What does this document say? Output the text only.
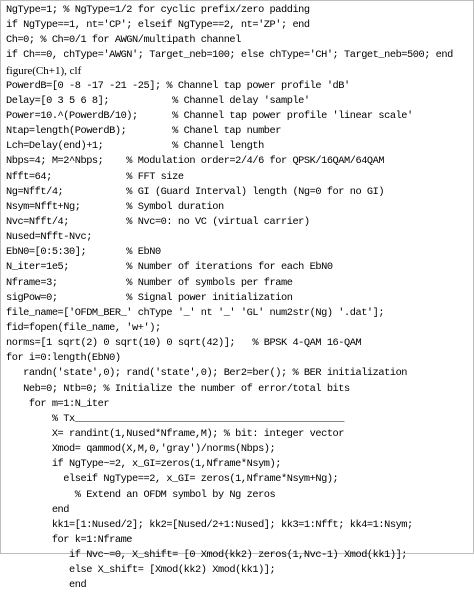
NgType=1; % NgType=1/2 for cyclic prefix/zero padding
if NgType==1, nt='CP'; elseif NgType==2, nt='ZP'; end
Ch=0; % Ch=0/1 for AWGN/multipath channel
if Ch==0, chType='AWGN'; Target_neb=100; else chType='CH'; Target_neb=500; end
figure(Ch+1), clf
PowerdB=[0 -8 -17 -21 -25]; % Channel tap power profile 'dB'
Delay=[0 3 5 6 8];           % Channel delay 'sample'
Power=10.^(PowerdB/10);      % Channel tap power profile 'linear scale'
Ntap=length(PowerdB);        % Chanel tap number
Lch=Delay(end)+1;            % Channel length
Nbps=4; M=2^Nbps;    % Modulation order=2/4/6 for QPSK/16QAM/64QAM
Nfft=64;             % FFT size
Ng=Nfft/4;           % GI (Guard Interval) length (Ng=0 for no GI)
Nsym=Nfft+Ng;        % Symbol duration
Nvc=Nfft/4;          % Nvc=0: no VC (virtual carrier)
Nused=Nfft-Nvc;
EbN0=[0:5:30];       % EbN0
N_iter=1e5;          % Number of iterations for each EbN0
Nframe=3;            % Number of symbols per frame
sigPow=0;            % Signal power initialization
file_name=['OFDM_BER_' chType '_' nt '_' 'GL' num2str(Ng) '.dat'];
fid=fopen(file_name, 'w+');
norms=[1 sqrt(2) 0 sqrt(10) 0 sqrt(42)];   % BPSK 4-QAM 16-QAM
for i=0:length(EbN0)
randn('state',0); rand('state',0); Ber2=ber(); % BER initialization
Neb=0; Ntb=0; % Initialize the number of error/total bits
for m=1:N_iter
% Tx_______________________________________________
X= randint(1,Nused*Nframe,M); % bit: integer vector
Xmod= qammod(X,M,0,'gray')/norms(Nbps);
if NgType~=2, x_GI=zeros(1,Nframe*Nsym);
elseif NgType==2, x_GI= zeros(1,Nframe*Nsym+Ng);
% Extend an OFDM symbol by Ng zeros
end
kk1=[1:Nused/2]; kk2=[Nused/2+1:Nused]; kk3=1:Nfft; kk4=1:Nsym;
for k=1:Nframe
if Nvc~=0, X_shift= [0 Xmod(kk2) zeros(1,Nvc-1) Xmod(kk1)];
else X_shift= [Xmod(kk2) Xmod(kk1)];
end
